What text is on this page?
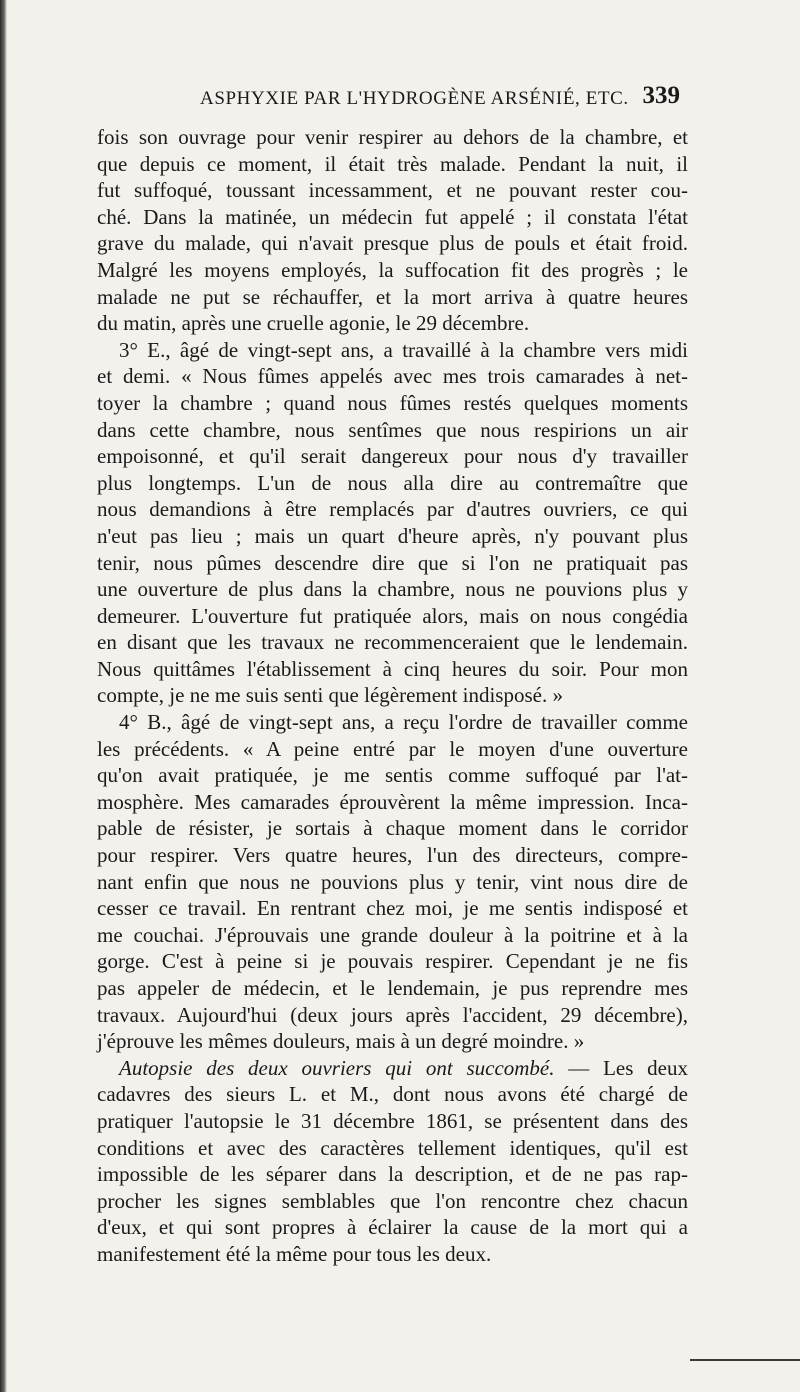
ASPHYXIE PAR L'HYDROGÈNE ARSÉNIÉ, ETC. 339
fois son ouvrage pour venir respirer au dehors de la chambre, et
que depuis ce moment, il était très malade. Pendant la nuit, il
fut suffoqué, toussant incessamment, et ne pouvant rester cou-
ché. Dans la matinée, un médecin fut appelé ; il constata l'état
grave du malade, qui n'avait presque plus de pouls et était froid.
Malgré les moyens employés, la suffocation fit des progrès ; le
malade ne put se réchauffer, et la mort arriva à quatre heures
du matin, après une cruelle agonie, le 29 décembre.
3° E., âgé de vingt-sept ans, a travaillé à la chambre vers midi
et demi. « Nous fûmes appelés avec mes trois camarades à net-
toyer la chambre ; quand nous fûmes restés quelques moments
dans cette chambre, nous sentîmes que nous respirions un air
empoisonné, et qu'il serait dangereux pour nous d'y travailler
plus longtemps. L'un de nous alla dire au contremaître que
nous demandions à être remplacés par d'autres ouvriers, ce qui
n'eut pas lieu ; mais un quart d'heure après, n'y pouvant plus
tenir, nous pûmes descendre dire que si l'on ne pratiquait pas
une ouverture de plus dans la chambre, nous ne pouvions plus y
demeurer. L'ouverture fut pratiquée alors, mais on nous congédia
en disant que les travaux ne recommenceraient que le lendemain.
Nous quittâmes l'établissement à cinq heures du soir. Pour mon
compte, je ne me suis senti que légèrement indisposé. »
4° B., âgé de vingt-sept ans, a reçu l'ordre de travailler comme
les précédents. « A peine entré par le moyen d'une ouverture
qu'on avait pratiquée, je me sentis comme suffoqué par l'at-
mosphère. Mes camarades éprouvèrent la même impression. Inca-
pable de résister, je sortais à chaque moment dans le corridor
pour respirer. Vers quatre heures, l'un des directeurs, compre-
nant enfin que nous ne pouvions plus y tenir, vint nous dire de
cesser ce travail. En rentrant chez moi, je me sentis indisposé et
me couchai. J'éprouvais une grande douleur à la poitrine et à la
gorge. C'est à peine si je pouvais respirer. Cependant je ne fis
pas appeler de médecin, et le lendemain, je pus reprendre mes
travaux. Aujourd'hui (deux jours après l'accident, 29 décembre),
j'éprouve les mêmes douleurs, mais à un degré moindre. »
Autopsie des deux ouvriers qui ont succombé. — Les deux
cadavres des sieurs L. et M., dont nous avons été chargé de
pratiquer l'autopsie le 31 décembre 1861, se présentent dans des
conditions et avec des caractères tellement identiques, qu'il est
impossible de les séparer dans la description, et de ne pas rap-
procher les signes semblables que l'on rencontre chez chacun
d'eux, et qui sont propres à éclairer la cause de la mort qui a
manifestement été la même pour tous les deux.
